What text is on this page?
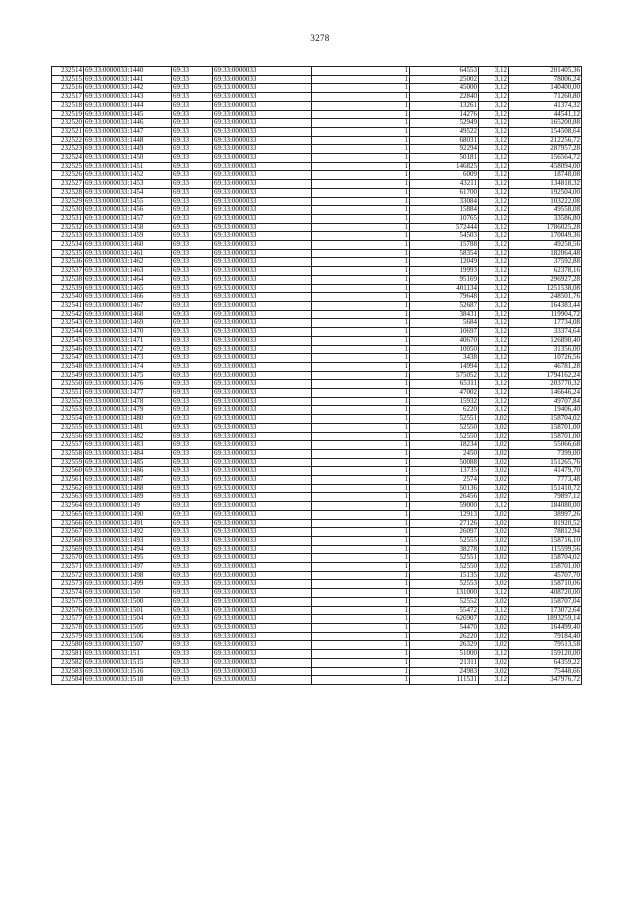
3278
232514	69:33:0000033:1440	69:33	69:33:0000033	1	64553	3,12	201405,36
232515	69:33:0000033:1441	69:33	69:33:0000033	1	25002	3,12	78006,24
232516	69:33:0000033:1442	69:33	69:33:0000033	1	45000	3,12	140400,00
232517	69:33:0000033:1443	69:33	69:33:0000033	1	22840	3,12	71260,80
232518	69:33:0000033:1444	69:33	69:33:0000033	1	13261	3,12	41374,32
232519	69:33:0000033:1445	69:33	69:33:0000033	1	14276	3,12	44541,12
232520	69:33:0000033:1446	69:33	69:33:0000033	1	52949	3,12	165200,88
232521	69:33:0000033:1447	69:33	69:33:0000033	1	49522	3,12	154508,64
232522	69:33:0000033:1448	69:33	69:33:0000033	1	68031	3,12	212256,72
232523	69:33:0000033:1449	69:33	69:33:0000033	1	92294	3,12	287957,28
232524	69:33:0000033:1450	69:33	69:33:0000033	1	50181	3,12	156564,72
232525	69:33:0000033:1451	69:33	69:33:0000033	1	146825	3,12	458094,00
232526	69:33:0000033:1452	69:33	69:33:0000033	1	6009	3,12	18748,08
232527	69:33:0000033:1453	69:33	69:33:0000033	1	43211	3,12	134818,32
232528	69:33:0000033:1454	69:33	69:33:0000033	1	61700	3,12	192504,00
232529	69:33:0000033:1455	69:33	69:33:0000033	1	33084	3,12	103222,08
232530	69:33:0000033:1456	69:33	69:33:0000033	1	15884	3,12	49558,08
232531	69:33:0000033:1457	69:33	69:33:0000033	1	10765	3,12	33586,80
232532	69:33:0000033:1458	69:33	69:33:0000033	1	572444	3,12	1786025,28
232533	69:33:0000033:1459	69:33	69:33:0000033	1	54503	3,12	170049,36
232534	69:33:0000033:1460	69:33	69:33:0000033	1	15788	3,12	49258,56
232535	69:33:0000033:1461	69:33	69:33:0000033	1	58354	3,12	182064,48
232536	69:33:0000033:1462	69:33	69:33:0000033	1	12049	3,12	37592,88
232537	69:33:0000033:1463	69:33	69:33:0000033	1	19993	3,12	62378,16
232538	69:33:0000033:1464	69:33	69:33:0000033	1	95169	3,12	296927,28
232539	69:33:0000033:1465	69:33	69:33:0000033	1	401134	3,12	1251538,08
232540	69:33:0000033:1466	69:33	69:33:0000033	1	79648	3,12	248501,76
232541	69:33:0000033:1467	69:33	69:33:0000033	1	52687	3,12	164383,44
232542	69:33:0000033:1468	69:33	69:33:0000033	1	38431	3,12	119904,72
232543	69:33:0000033:1469	69:33	69:33:0000033	1	5684	3,12	17734,08
232544	69:33:0000033:1470	69:33	69:33:0000033	1	10697	3,12	33374,64
232545	69:33:0000033:1471	69:33	69:33:0000033	1	40670	3,12	126890,40
232546	69:33:0000033:1472	69:33	69:33:0000033	1	10050	3,12	31356,00
232547	69:33:0000033:1473	69:33	69:33:0000033	1	3438	3,12	10726,56
232548	69:33:0000033:1474	69:33	69:33:0000033	1	14994	3,12	46781,28
232549	69:33:0000033:1475	69:33	69:33:0000033	1	575052	3,12	1794162,24
232550	69:33:0000033:1476	69:33	69:33:0000033	1	65311	3,12	203770,32
232551	69:33:0000033:1477	69:33	69:33:0000033	1	47002	3,12	146646,24
232552	69:33:0000033:1478	69:33	69:33:0000033	1	15932	3,12	49707,84
232553	69:33:0000033:1479	69:33	69:33:0000033	1	6220	3,12	19406,40
232554	69:33:0000033:1480	69:33	69:33:0000033	1	52551	3,02	158704,02
232555	69:33:0000033:1481	69:33	69:33:0000033	1	52550	3,02	158701,00
232556	69:33:0000033:1482	69:33	69:33:0000033	1	52550	3,02	158701,00
232557	69:33:0000033:1483	69:33	69:33:0000033	1	18234	3,02	55066,68
232558	69:33:0000033:1484	69:33	69:33:0000033	1	2450	3,02	7399,00
232559	69:33:0000033:1485	69:33	69:33:0000033	1	50088	3,02	151265,76
232560	69:33:0000033:1486	69:33	69:33:0000033	1	13735	3,02	41479,70
232561	69:33:0000033:1487	69:33	69:33:0000033	1	2574	3,02	7773,48
232562	69:33:0000033:1488	69:33	69:33:0000033	1	50136	3,02	151410,72
232563	69:33:0000033:1489	69:33	69:33:0000033	1	26456	3,02	79897,12
232564	69:33:0000033:149	69:33	69:33:0000033	1	59000	3,12	184080,00
232565	69:33:0000033:1490	69:33	69:33:0000033	1	12913	3,02	38997,26
232566	69:33:0000033:1491	69:33	69:33:0000033	1	27126	3,02	81920,52
232567	69:33:0000033:1492	69:33	69:33:0000033	1	26097	3,02	78812,94
232568	69:33:0000033:1493	69:33	69:33:0000033	1	52555	3,02	158716,10
232569	69:33:0000033:1494	69:33	69:33:0000033	1	38278	3,02	115599,56
232570	69:33:0000033:1495	69:33	69:33:0000033	1	52551	3,02	158704,02
232571	69:33:0000033:1497	69:33	69:33:0000033	1	52550	3,02	158701,00
232572	69:33:0000033:1498	69:33	69:33:0000033	1	15135	3,02	45707,70
232573	69:33:0000033:1499	69:33	69:33:0000033	1	52553	3,02	158710,06
232574	69:33:0000033:150	69:33	69:33:0000033	1	131000	3,12	408720,00
232575	69:33:0000033:1500	69:33	69:33:0000033	1	52552	3,02	158707,04
232576	69:33:0000033:1501	69:33	69:33:0000033	1	55472	3,12	173072,64
232577	69:33:0000033:1504	69:33	69:33:0000033	1	626907	3,02	1893259,14
232578	69:33:0000033:1505	69:33	69:33:0000033	1	54470	3,02	164499,40
232579	69:33:0000033:1506	69:33	69:33:0000033	1	26220	3,02	79184,40
232580	69:33:0000033:1507	69:33	69:33:0000033	1	26329	3,02	79513,58
232581	69:33:0000033:151	69:33	69:33:0000033	1	51000	3,12	159120,00
232582	69:33:0000033:1515	69:33	69:33:0000033	1	21311	3,02	64359,22
232583	69:33:0000033:1516	69:33	69:33:0000033	1	24983	3,02	75448,66
232584	69:33:0000033:1518	69:33	69:33:0000033	1	111531	3,12	347976,72
